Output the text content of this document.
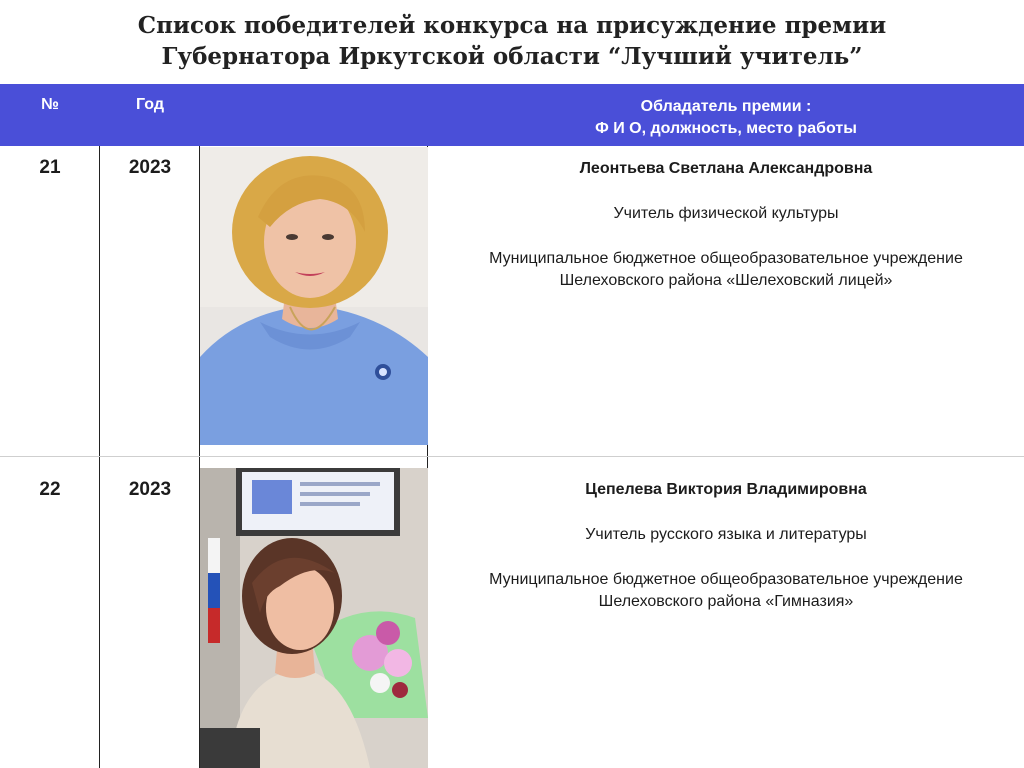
Список победителей конкурса на присуждение премии
Губернатора Иркутской области “Лучший учитель”
№	Год	Обладатель премии :
Ф И О, должность, место работы
21	2023	Леонтьева Светлана Александровна
Учитель физической культуры
Муниципальное бюджетное общеобразовательное учреждение
Шелеховского района «Шелеховский лицей»
22	2023	Цепелева Виктория Владимировна
Учитель русского языка и литературы
Муниципальное бюджетное общеобразовательное учреждение
Шелеховского района «Гимназия»
